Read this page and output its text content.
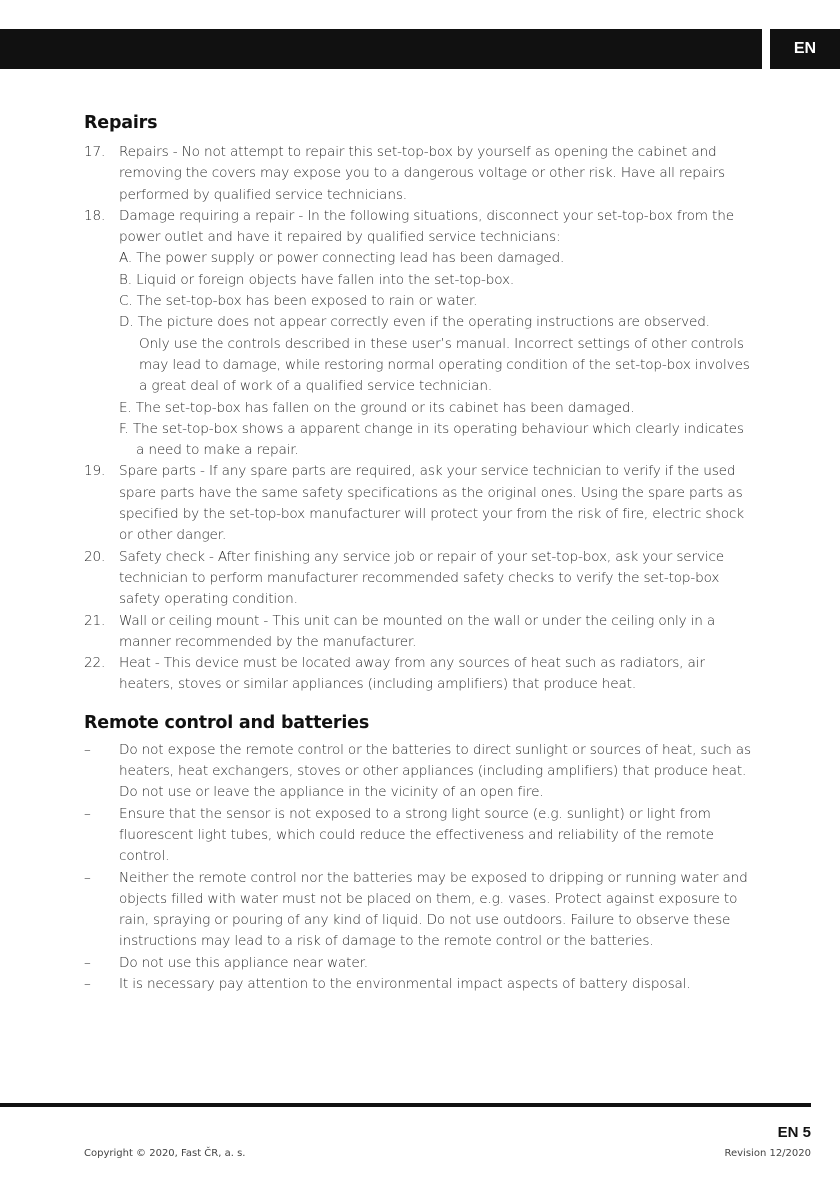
EN
Repairs
17. Repairs - No not attempt to repair this set-top-box by yourself as opening the cabinet and removing the covers may expose you to a dangerous voltage or other risk. Have all repairs performed by qualified service technicians.
18. Damage requiring a repair - In the following situations, disconnect your set-top-box from the power outlet and have it repaired by qualified service technicians:
A. The power supply or power connecting lead has been damaged.
B. Liquid or foreign objects have fallen into the set-top-box.
C. The set-top-box has been exposed to rain or water.
D. The picture does not appear correctly even if the operating instructions are observed.
Only use the controls described in these user’s manual. Incorrect settings of other controls may lead to damage, while restoring normal operating condition of the set-top-box involves a great deal of work of a qualified service technician.
E. The set-top-box has fallen on the ground or its cabinet has been damaged.
F. The set-top-box shows a apparent change in its operating behaviour which clearly indicates a need to make a repair.
19. Spare parts - If any spare parts are required, ask your service technician to verify if the used spare parts have the same safety specifications as the original ones. Using the spare parts as specified by the set-top-box manufacturer will protect your from the risk of fire, electric shock or other danger.
20. Safety check - After finishing any service job or repair of your set-top-box, ask your service technician to perform manufacturer recommended safety checks to verify the set-top-box safety operating condition.
21. Wall or ceiling mount - This unit can be mounted on the wall or under the ceiling only in a manner recommended by the manufacturer.
22. Heat - This device must be located away from any sources of heat such as radiators, air heaters, stoves or similar appliances (including amplifiers) that produce heat.
Remote control and batteries
– Do not expose the remote control or the batteries to direct sunlight or sources of heat, such as heaters, heat exchangers, stoves or other appliances (including amplifiers) that produce heat. Do not use or leave the appliance in the vicinity of an open fire.
– Ensure that the sensor is not exposed to a strong light source (e.g. sunlight) or light from fluorescent light tubes, which could reduce the effectiveness and reliability of the remote control.
– Neither the remote control nor the batteries may be exposed to dripping or running water and objects filled with water must not be placed on them, e.g. vases. Protect against exposure to rain, spraying or pouring of any kind of liquid. Do not use outdoors. Failure to observe these instructions may lead to a risk of damage to the remote control or the batteries.
– Do not use this appliance near water.
– It is necessary pay attention to the environmental impact aspects of battery disposal.
EN 5
Copyright © 2020, Fast ČR, a. s.	Revision 12/2020
